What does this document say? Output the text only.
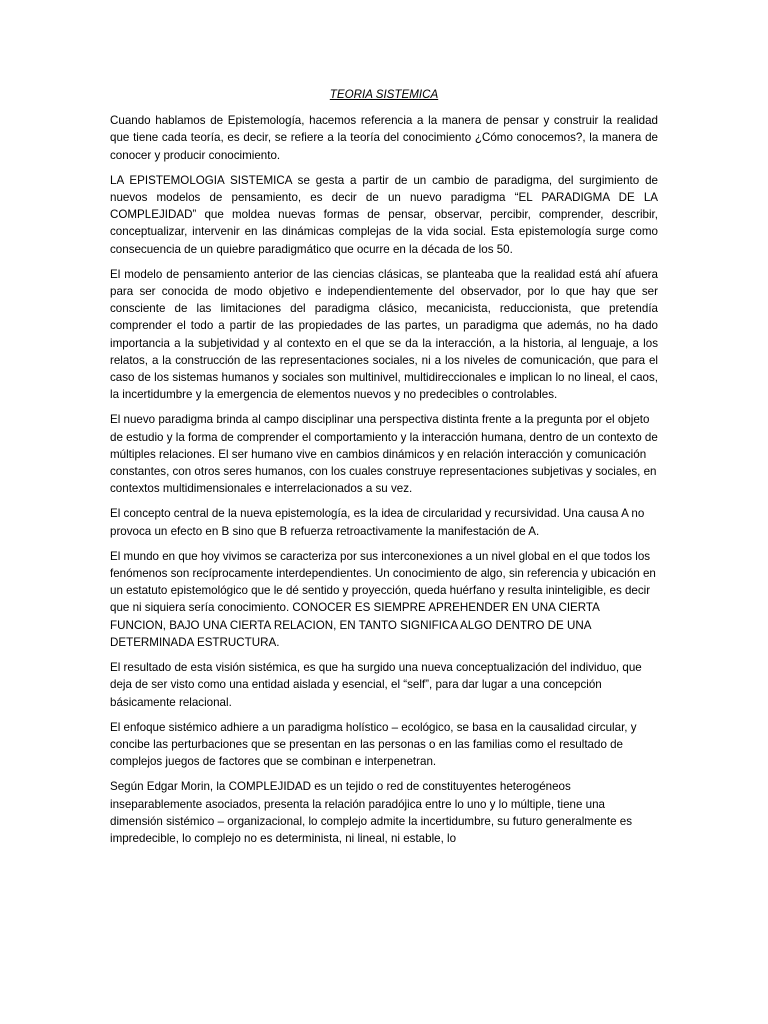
TEORIA SISTEMICA

Cuando hablamos de Epistemología, hacemos referencia a la manera de pensar y construir la realidad que tiene cada teoría, es decir, se refiere a la teoría del conocimiento ¿Cómo conocemos?, la manera de conocer y producir conocimiento.

LA EPISTEMOLOGIA SISTEMICA se gesta a partir de un cambio de paradigma, del surgimiento de nuevos modelos de pensamiento, es decir de un nuevo paradigma “EL PARADIGMA DE LA COMPLEJIDAD” que moldea nuevas formas de pensar, observar, percibir, comprender, describir, conceptualizar, intervenir en las dinámicas complejas de la vida social. Esta epistemología surge como consecuencia de un quiebre paradigmático que ocurre en la década de los 50.

El modelo de pensamiento anterior de las ciencias clásicas, se planteaba que la realidad está ahí afuera para ser conocida de modo objetivo e independientemente del observador, por lo que hay que ser consciente de las limitaciones del paradigma clásico, mecanicista, reduccionista, que pretendía comprender el todo a partir de las propiedades de las partes, un paradigma que además, no ha dado importancia a la subjetividad y al contexto en el que se da la interacción, a la historia, al lenguaje, a los relatos, a la construcción de las representaciones sociales, ni a los niveles de comunicación, que para el caso de los sistemas humanos y sociales son multinivel, multidireccionales e implican lo no lineal, el caos, la incertidumbre y la emergencia de elementos nuevos y no predecibles o controlables.

El nuevo paradigma brinda al campo disciplinar una perspectiva distinta frente a la pregunta por el objeto de estudio y la forma de comprender el comportamiento y la interacción humana, dentro de un contexto de múltiples relaciones. El ser humano vive en cambios dinámicos y en relación interacción y comunicación constantes, con otros seres humanos, con los cuales construye representaciones subjetivas y sociales, en contextos multidimensionales e interrelacionados a su vez.

El concepto central de la nueva epistemología, es la idea de circularidad y recursividad. Una causa A no provoca un efecto en B sino que B refuerza retroactivamente la manifestación de A.

El mundo en que hoy vivimos se caracteriza por sus interconexiones a un nivel global en el que todos los fenómenos son recíprocamente interdependientes. Un conocimiento de algo, sin referencia y ubicación en un estatuto epistemológico que le dé sentido y proyección, queda huérfano y resulta ininteligible, es decir que ni siquiera sería conocimiento. CONOCER ES SIEMPRE APREHENDER EN UNA CIERTA FUNCION, BAJO UNA CIERTA RELACION, EN TANTO SIGNIFICA ALGO DENTRO DE UNA DETERMINADA ESTRUCTURA.

El resultado de esta visión sistémica, es que ha surgido una nueva conceptualización del individuo, que deja de ser visto como una entidad aislada y esencial, el “self”, para dar lugar a una concepción básicamente relacional.

El enfoque sistémico adhiere a un paradigma holístico – ecológico, se basa en la causalidad circular, y concibe las perturbaciones que se presentan en las personas o en las familias como el resultado de complejos juegos de factores que se combinan e interpenetran.

Según Edgar Morin, la COMPLEJIDAD es un tejido o red de constituyentes heterogéneos inseparablemente asociados, presenta la relación paradójica entre lo uno y lo múltiple, tiene una dimensión sistémico – organizacional, lo complejo admite la incertidumbre, su futuro generalmente es impredecible, lo complejo no es determinista, ni lineal, ni estable, lo
